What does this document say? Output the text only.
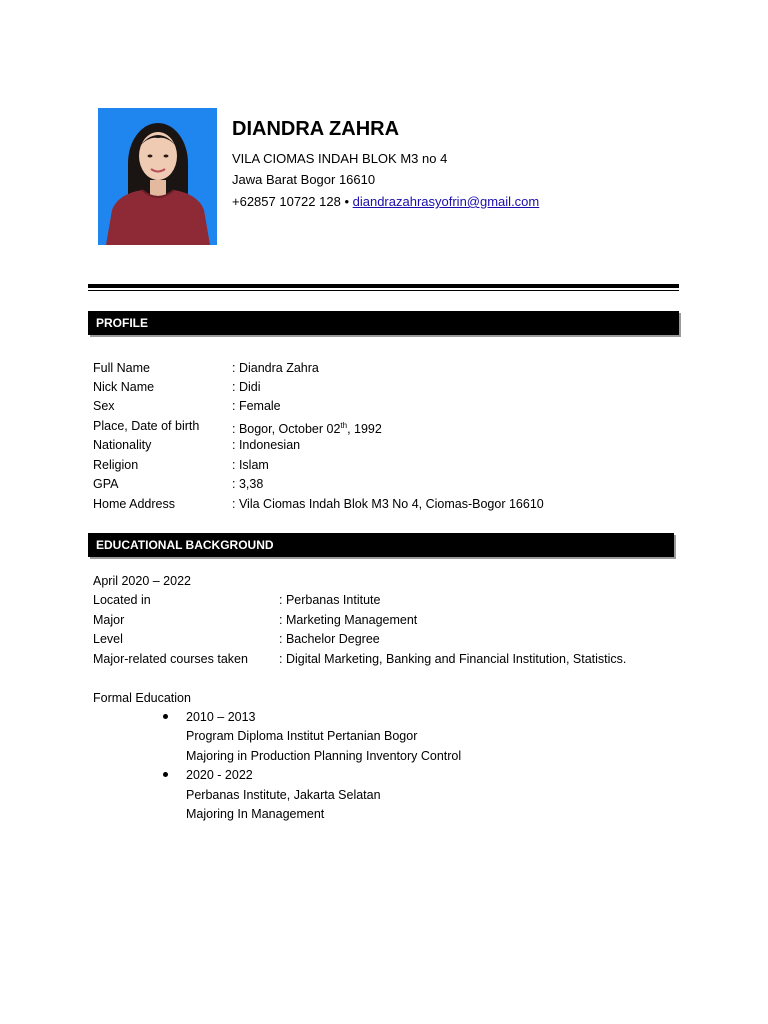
DIANDRA ZAHRA
VILA CIOMAS INDAH BLOK M3 no 4
Jawa Barat Bogor 16610
+62857 10722 128 • diandrazahrasyofrin@gmail.com
PROFILE
Full Name	: Diandra Zahra
Nick Name	: Didi
Sex	: Female
Place, Date of birth	: Bogor, October 02th, 1992
Nationality	: Indonesian
Religion	: Islam
GPA	: 3,38
Home Address	: Vila Ciomas Indah Blok M3 No 4, Ciomas-Bogor 16610
EDUCATIONAL BACKGROUND
April 2020 – 2022
Located in	: Perbanas Intitute
Major	: Marketing Management
Level	: Bachelor Degree
Major-related courses taken : Digital Marketing, Banking and Financial Institution, Statistics.
Formal Education
2010 – 2013
Program Diploma Institut Pertanian Bogor
Majoring in Production Planning Inventory Control
2020 - 2022
Perbanas Institute, Jakarta Selatan
Majoring In Management
